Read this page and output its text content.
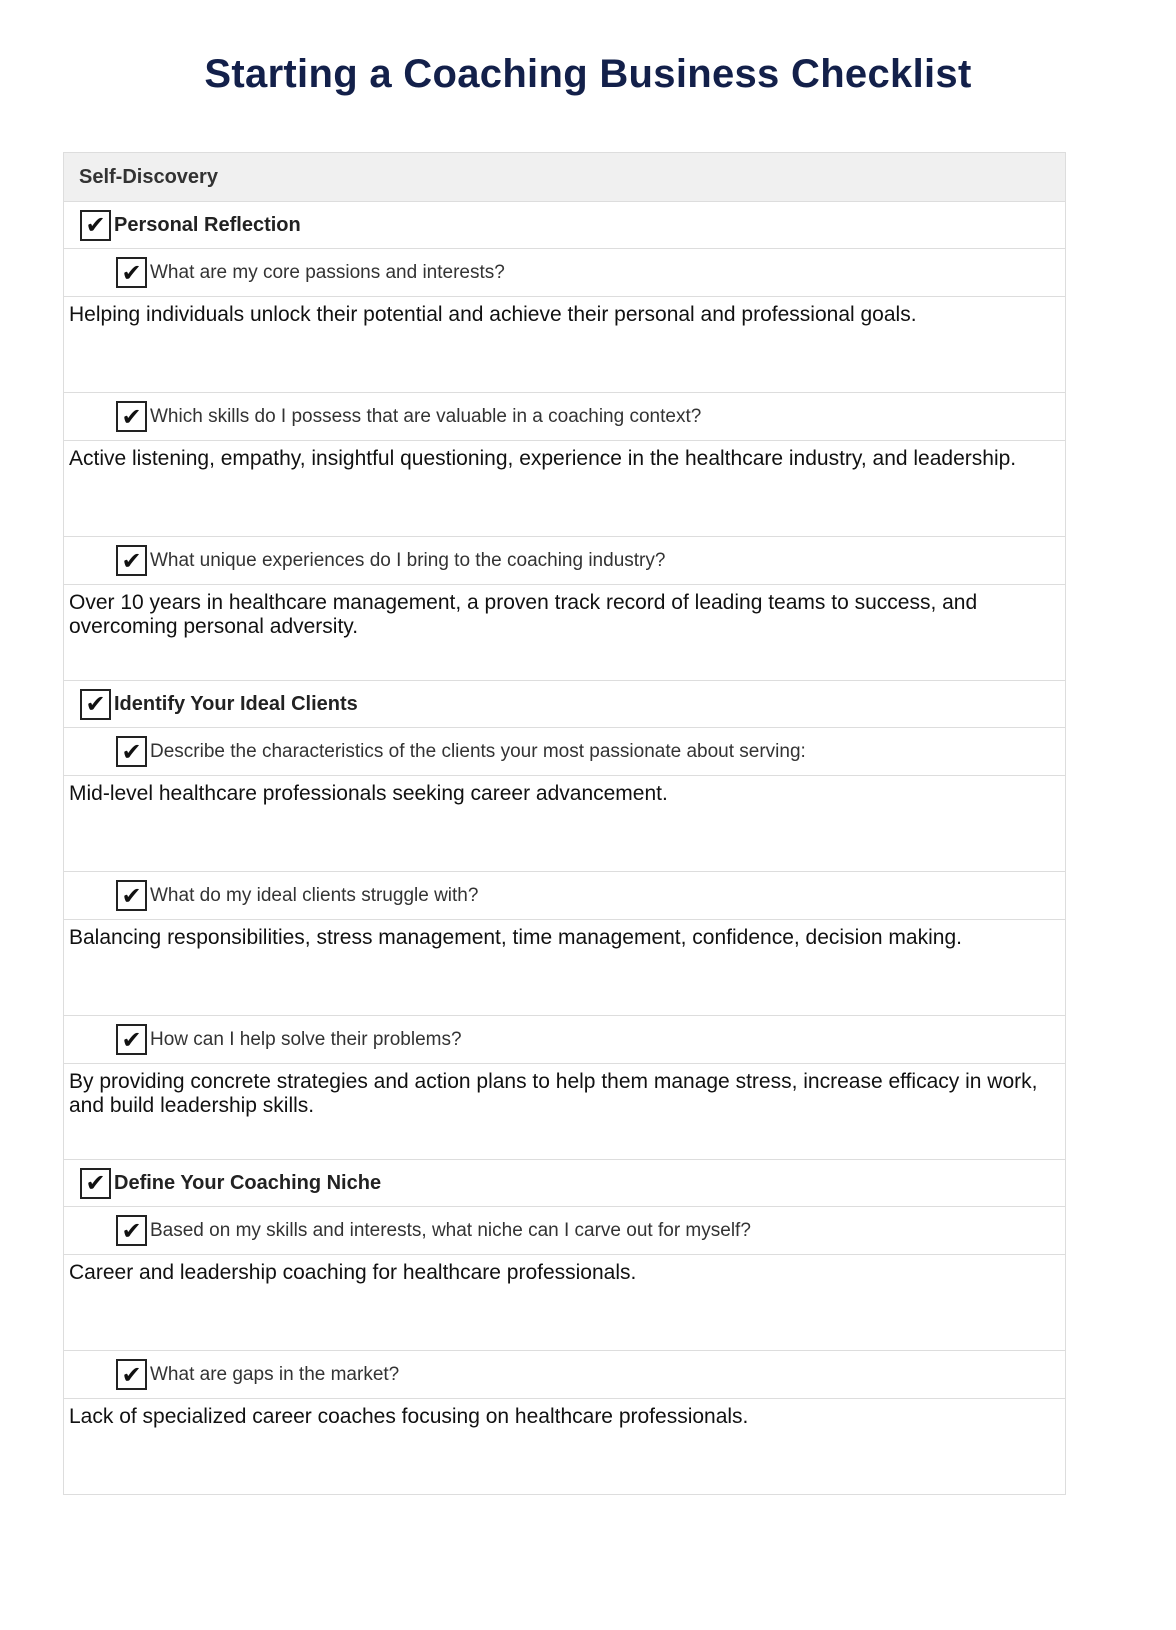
Starting a Coaching Business Checklist
Self-Discovery
✔ Personal Reflection
✔ What are my core passions and interests?
Helping individuals unlock their potential and achieve their personal and professional goals.
✔ Which skills do I possess that are valuable in a coaching context?
Active listening, empathy, insightful questioning, experience in the healthcare industry, and leadership.
✔ What unique experiences do I bring to the coaching industry?
Over 10 years in healthcare management, a proven track record of leading teams to success, and overcoming personal adversity.
✔ Identify Your Ideal Clients
✔ Describe the characteristics of the clients your most passionate about serving:
Mid-level healthcare professionals seeking career advancement.
✔ What do my ideal clients struggle with?
Balancing responsibilities, stress management, time management, confidence, decision making.
✔ How can I help solve their problems?
By providing concrete strategies and action plans to help them manage stress, increase efficacy in work, and build leadership skills.
✔ Define Your Coaching Niche
✔ Based on my skills and interests, what niche can I carve out for myself?
Career and leadership coaching for healthcare professionals.
✔ What are gaps in the market?
Lack of specialized career coaches focusing on healthcare professionals.
